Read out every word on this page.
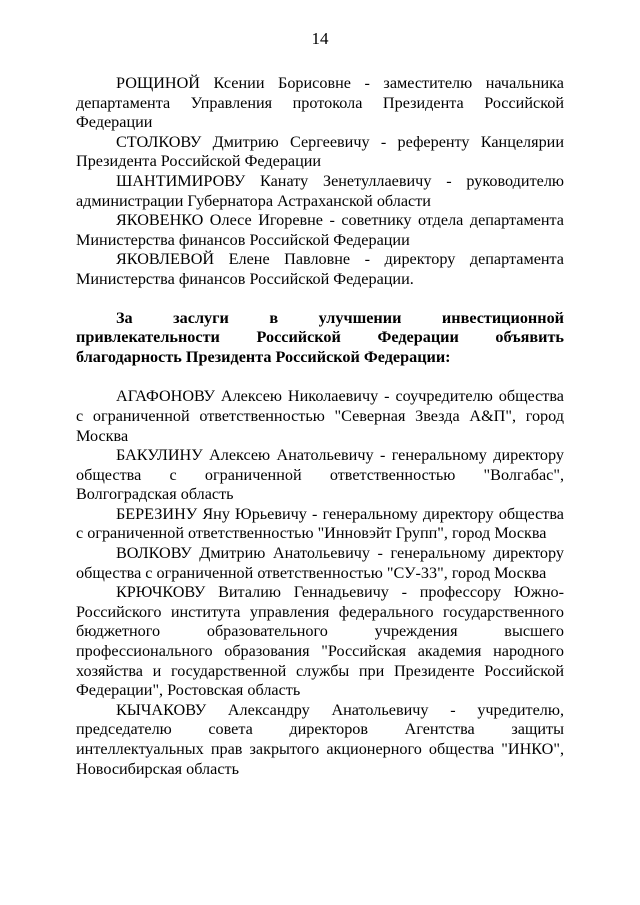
14

РОЩИНОЙ Ксении Борисовне - заместителю начальника департамента Управления протокола Президента Российской Федерации

СТОЛКОВУ Дмитрию Сергеевичу - референту Канцелярии Президента Российской Федерации

ШАНТИМИРОВУ Канату Зенетуллаевичу - руководителю администрации Губернатора Астраханской области

ЯКОВЕНКО Олесе Игоревне - советнику отдела департамента Министерства финансов Российской Федерации

ЯКОВЛЕВОЙ Елене Павловне - директору департамента Министерства финансов Российской Федерации.

За заслуги в улучшении инвестиционной привлекательности Российской Федерации объявить благодарность Президента Российской Федерации:

АГАФОНОВУ Алексею Николаевичу - соучредителю общества с ограниченной ответственностью "Северная Звезда А&П", город Москва

БАКУЛИНУ Алексею Анатольевичу - генеральному директору общества с ограниченной ответственностью "Волгабас", Волгоградская область

БЕРЕЗИНУ Яну Юрьевичу - генеральному директору общества с ограниченной ответственностью "Инновэйт Групп", город Москва

ВОЛКОВУ Дмитрию Анатольевичу - генеральному директору общества с ограниченной ответственностью "СУ-33", город Москва

КРЮЧКОВУ Виталию Геннадьевичу - профессору Южно-Российского института управления федерального государственного бюджетного образовательного учреждения высшего профессионального образования "Российская академия народного хозяйства и государственной службы при Президенте Российской Федерации", Ростовская область

КЫЧАКОВУ Александру Анатольевичу - учредителю, председателю совета директоров Агентства защиты интеллектуальных прав закрытого акционерного общества "ИНКО", Новосибирская область
